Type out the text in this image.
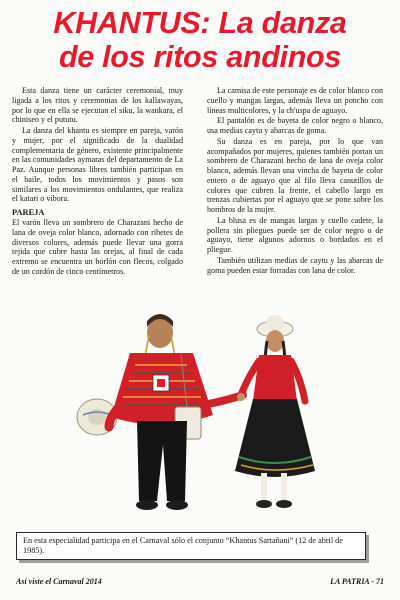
KHANTUS: La danza
de los ritos andinos

Esta danza tiene un carácter ceremonial, muy ligada a los ritos y ceremonias de los kallawayas, por lo que en ella se ejecutan el siku, la wankara, el chiniseo y el pututu.

La danza del khantu es siempre en pareja, varón y mujer, por el significado de la dualidad complementaria de género, existente principalmente en las comunidades aymaras del departamento de La Paz. Aunque personas libres también participan en el baile, todos los movimientos y pasos son similares a los movimientos ondulantes, que realiza el katari o víbora.

PAREJA

El varón lleva un sombrero de Charazani hecho de lana de oveja color blanco, adornado con ribetes de diversos colores, además puede llevar una gorra tejida que cubre hasta las orejas, al final de cada extremo se encuentra un borlón con flecos, colgado de un cordón de cinco centímetros.

La camisa de este personaje es de color blanco con cuello y mangas largas, además lleva un poncho con líneas multicolores, y la ch'uspa de aguayo.

El pantalón es de bayeta de color negro o blanco, usa medias caytu y abarcas de goma.

Su danza es en pareja, por lo que van acompañados por mujeres, quienes también portan un sombrero de Charazani hecho de lana de oveja color blanco, además llevan una vincha de bayeta de color entero o de aguayo que al filo lleva canutillos de colores que cubren la frente, el cabello largo en trenzas cubiertas por el aguayo que se pone sobre los hombros de la mujer.

La blusa es de mangas largas y cuello cadete, la pollera sin pliegues puede ser de color negro o de aguayo, tiene algunos adornos o bordados en el pliegue.

También utilizan medias de caytu y las abarcas de goma pueden estar forradas con lana de color.

En esta especialidad participa en el Carnaval sólo el conjunto “Khantus Sartañani” (12 de abril de 1985).
Así viste el Carnaval 2014	LA PATRIA - 71
